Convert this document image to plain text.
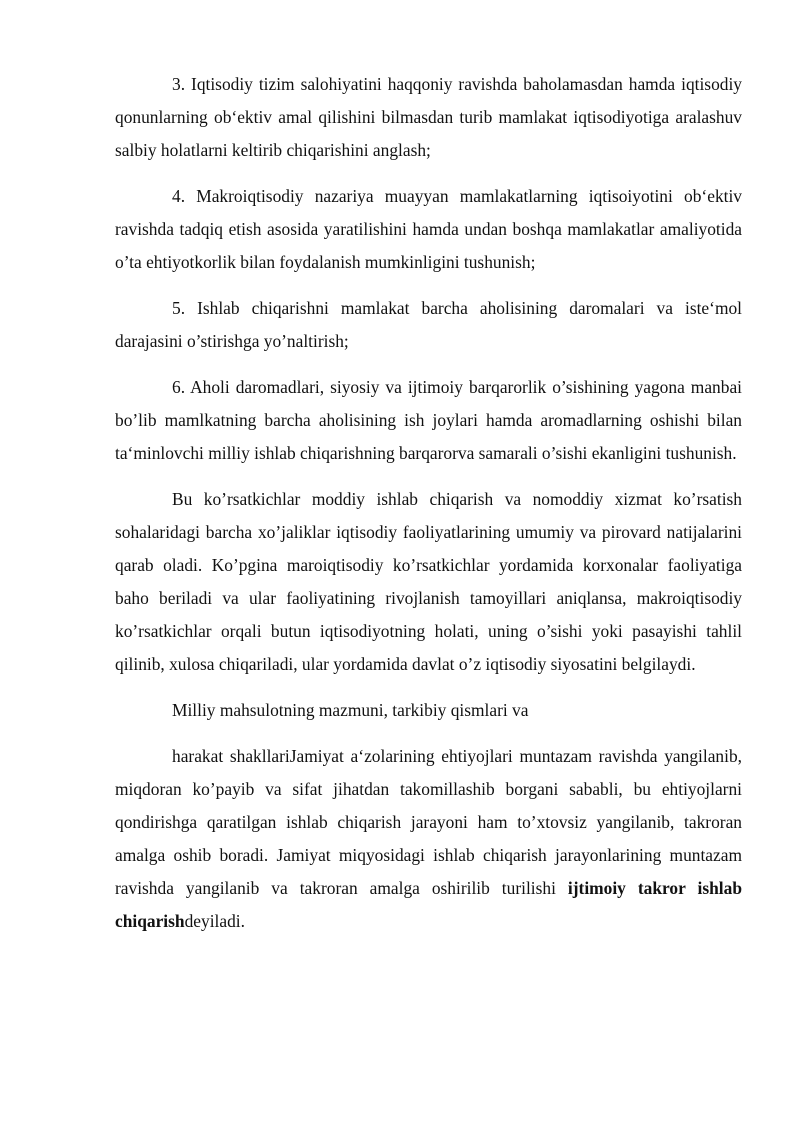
3. Iqtisodiy tizim salohiyatini haqqoniy ravishda baholamasdan hamda iqtisodiy qonunlarning ob‘ektiv amal qilishini bilmasdan turib mamlakat iqtisodiyotiga aralashuv salbiy holatlarni keltirib chiqarishini anglash;

4. Makroiqtisodiy nazariya muayyan mamlakatlarning iqtisoiyotini ob‘ektiv ravishda tadqiq etish asosida yaratilishini hamda undan boshqa mamlakatlar amaliyotida o’ta ehtiyotkorlik bilan foydalanish mumkinligini tushunish;

5. Ishlab chiqarishni mamlakat barcha aholisining daromalari va iste‘mol darajasini o’stirishga yo’naltirish;

6. Aholi daromadlari, siyosiy va ijtimoiy barqarorlik o’sishining yagona manbai bo’lib mamlkatning barcha aholisining ish joylari hamda aromadlarning oshishi bilan ta‘minlovchi milliy ishlab chiqarishning barqarorva samarali o’sishi ekanligini tushunish.

Bu ko’rsatkichlar moddiy ishlab chiqarish va nomoddiy xizmat ko’rsatish sohalaridagi barcha xo’jaliklar iqtisodiy faoliyatlarining umumiy va pirovard natijalarini qarab oladi. Ko’pgina maroiqtisodiy ko’rsatkichlar yordamida korxonalar faoliyatiga baho beriladi va ular faoliyatining rivojlanish tamoyillari aniqlansa, makroiqtisodiy ko’rsatkichlar orqali butun iqtisodiyotning holati, uning o’sishi yoki pasayishi tahlil qilinib, xulosa chiqariladi, ular yordamida davlat o’z iqtisodiy siyosatini belgilaydi.

Milliy mahsulotning mazmuni, tarkibiy qismlari va

harakat shakllariJamiyat a‘zolarining ehtiyojlari muntazam ravishda yangilanib, miqdoran ko’payib va sifat jihatdan takomillashib borgani sababli, bu ehtiyojlarni qondirishga qaratilgan ishlab chiqarish jarayoni ham to’xtovsiz yangilanib, takroran amalga oshib boradi. Jamiyat miqyosidagi ishlab chiqarish jarayonlarining muntazam ravishda yangilanib va takroran amalga oshirilib turilishi ijtimoiy takror ishlab chiqarishdeyiladi.
